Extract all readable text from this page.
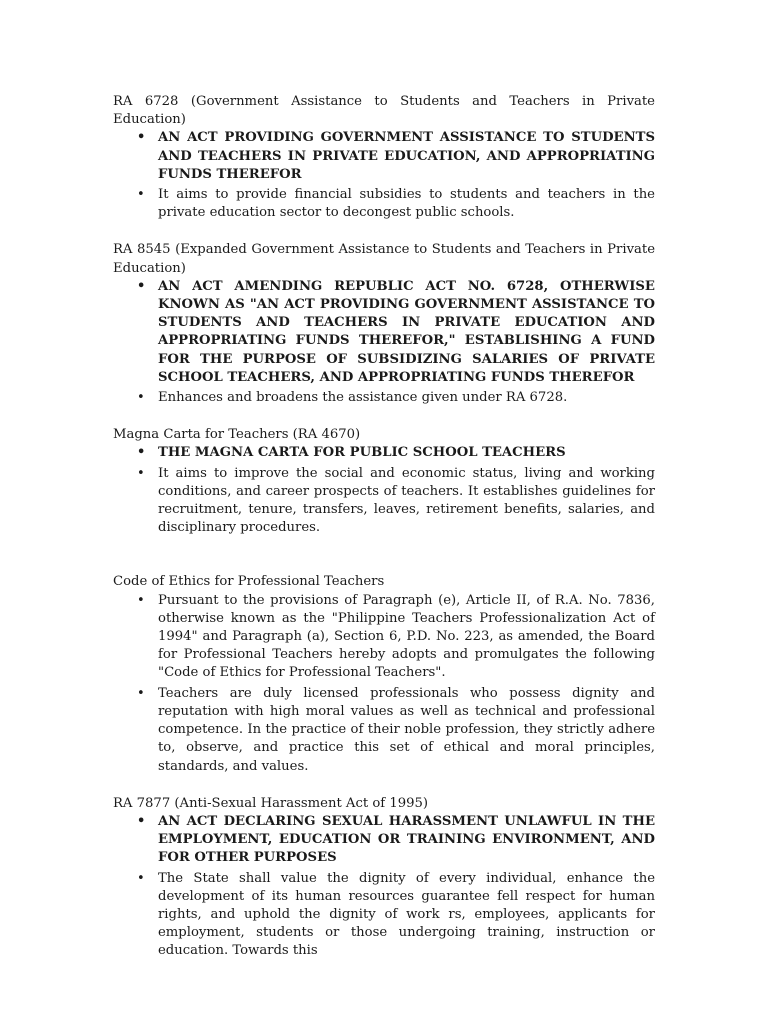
RA 6728 (Government Assistance to Students and Teachers in Private Education)

• AN ACT PROVIDING GOVERNMENT ASSISTANCE TO STUDENTS AND TEACHERS IN PRIVATE EDUCATION, AND APPROPRIATING FUNDS THEREFOR
• It aims to provide financial subsidies to students and teachers in the private education sector to decongest public schools.

RA 8545 (Expanded Government Assistance to Students and Teachers in Private Education)

• AN ACT AMENDING REPUBLIC ACT NO. 6728, OTHERWISE KNOWN AS "AN ACT PROVIDING GOVERNMENT ASSISTANCE TO STUDENTS AND TEACHERS IN PRIVATE EDUCATION AND APPROPRIATING FUNDS THEREFOR," ESTABLISHING A FUND FOR THE PURPOSE OF SUBSIDIZING SALARIES OF PRIVATE SCHOOL TEACHERS, AND APPROPRIATING FUNDS THEREFOR
• Enhances and broadens the assistance given under RA 6728.

Magna Carta for Teachers (RA 4670)

• THE MAGNA CARTA FOR PUBLIC SCHOOL TEACHERS
• It aims to improve the social and economic status, living and working conditions, and career prospects of teachers. It establishes guidelines for recruitment, tenure, transfers, leaves, retirement benefits, salaries, and disciplinary procedures.

Code of Ethics for Professional Teachers

• Pursuant to the provisions of Paragraph (e), Article II, of R.A. No. 7836, otherwise known as the "Philippine Teachers Professionalization Act of 1994" and Paragraph (a), Section 6, P.D. No. 223, as amended, the Board for Professional Teachers hereby adopts and promulgates the following "Code of Ethics for Professional Teachers".
• Teachers are duly licensed professionals who possess dignity and reputation with high moral values as well as technical and professional competence. In the practice of their noble profession, they strictly adhere to, observe, and practice this set of ethical and moral principles, standards, and values.

RA 7877 (Anti-Sexual Harassment Act of 1995)

• AN ACT DECLARING SEXUAL HARASSMENT UNLAWFUL IN THE EMPLOYMENT, EDUCATION OR TRAINING ENVIRONMENT, AND FOR OTHER PURPOSES
• The State shall value the dignity of every individual, enhance the development of its human resources guarantee fell respect for human rights, and uphold the dignity of work rs, employees, applicants for employment, students or those undergoing training, instruction or education. Towards this
